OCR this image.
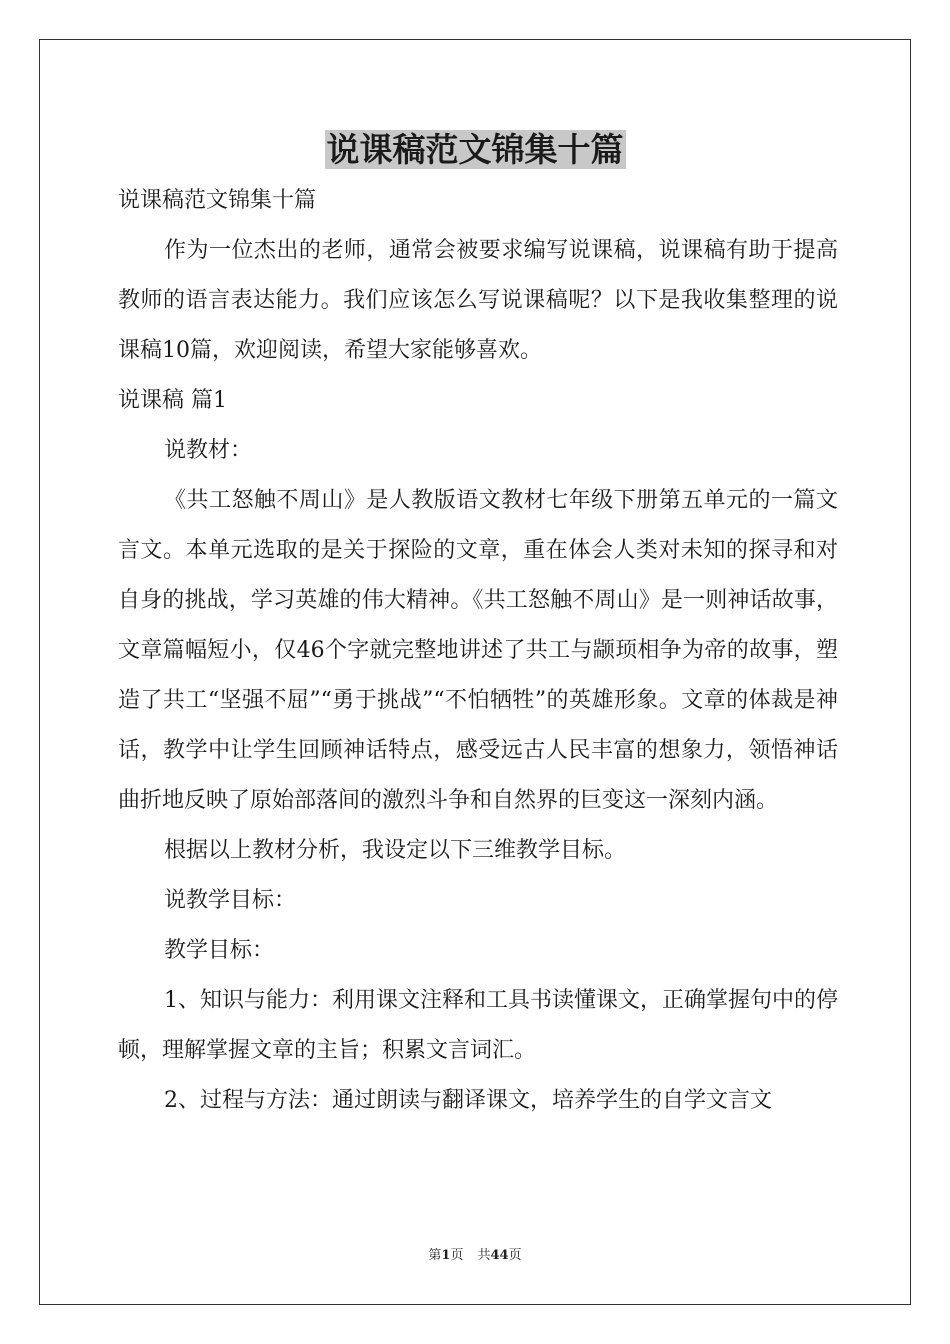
说课稿范文锦集十篇

说课稿范文锦集十篇

作为一位杰出的老师，通常会被要求编写说课稿，说课稿有助于提高教师的语言表达能力。我们应该怎么写说课稿呢？以下是我收集整理的说课稿10篇，欢迎阅读，希望大家能够喜欢。

说课稿 篇1

说教材：

《共工怒触不周山》是人教版语文教材七年级下册第五单元的一篇文言文。本单元选取的是关于探险的文章，重在体会人类对未知的探寻和对自身的挑战，学习英雄的伟大精神。《共工怒触不周山》是一则神话故事，文章篇幅短小，仅46个字就完整地讲述了共工与颛顼相争为帝的故事，塑造了共工“坚强不屈”“勇于挑战”“不怕牺牲”的英雄形象。文章的体裁是神话，教学中让学生回顾神话特点，感受远古人民丰富的想象力，领悟神话曲折地反映了原始部落间的激烈斗争和自然界的巨变这一深刻内涵。

根据以上教材分析，我设定以下三维教学目标。

说教学目标：

教学目标：

1、知识与能力：利用课文注释和工具书读懂课文，正确掌握句中的停顿，理解掌握文章的主旨；积累文言词汇。

2、过程与方法：通过朗读与翻译课文，培养学生的自学文言文

第1页 共44页
